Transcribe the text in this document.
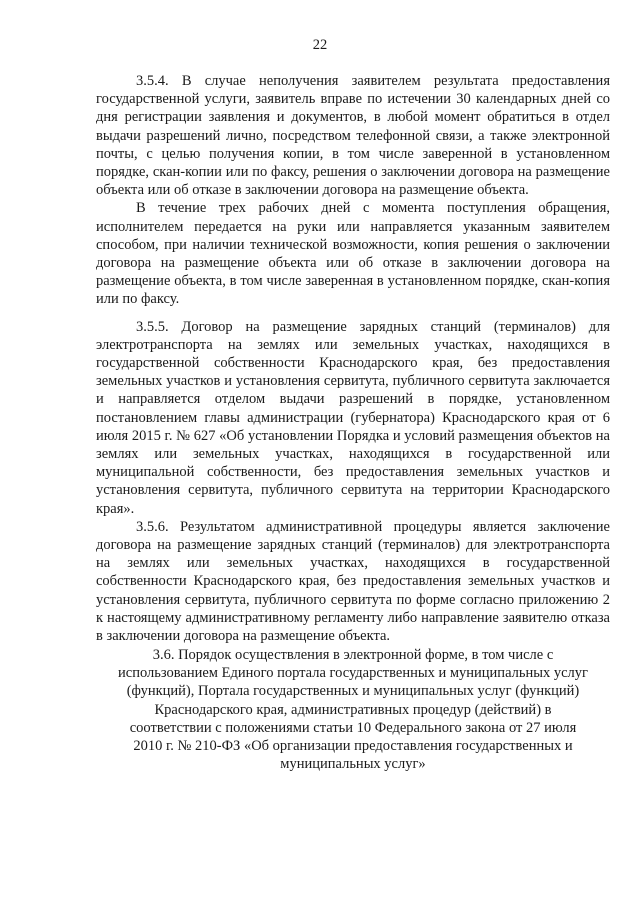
22

3.5.4. В случае неполучения заявителем результата предоставления государственной услуги, заявитель вправе по истечении 30 календарных дней со дня регистрации заявления и документов, в любой момент обратиться в отдел выдачи разрешений лично, посредством телефонной связи, а также электронной почты, с целью получения копии, в том числе заверенной в установленном порядке, скан-копии или по факсу, решения о заключении договора на размещение объекта или об отказе в заключении договора на размещение объекта.

В течение трех рабочих дней с момента поступления обращения, исполнителем передается на руки или направляется указанным заявителем способом, при наличии технической возможности, копия решения о заключении договора на размещение объекта или об отказе в заключении договора на размещение объекта, в том числе заверенная в установленном порядке, скан-копия или по факсу.

3.5.5. Договор на размещение зарядных станций (терминалов) для электротранспорта на землях или земельных участках, находящихся в государственной собственности Краснодарского края, без предоставления земельных участков и установления сервитута, публичного сервитута заключается и направляется отделом выдачи разрешений в порядке, установленном постановлением главы администрации (губернатора) Краснодарского края от 6 июля 2015 г. № 627 «Об установлении Порядка и условий размещения объектов на землях или земельных участках, находящихся в государственной или муниципальной собственности, без предоставления земельных участков и установления сервитута, публичного сервитута на территории Краснодарского края».

3.5.6. Результатом административной процедуры является заключение договора на размещение зарядных станций (терминалов) для электротранспорта на землях или земельных участках, находящихся в государственной собственности Краснодарского края, без предоставления земельных участков и установления сервитута, публичного сервитута по форме согласно приложению 2 к настоящему административному регламенту либо направление заявителю отказа в заключении договора на размещение объекта.

3.6. Порядок осуществления в электронной форме, в том числе с использованием Единого портала государственных и муниципальных услуг (функций), Портала государственных и муниципальных услуг (функций) Краснодарского края, административных процедур (действий) в соответствии с положениями статьи 10 Федерального закона от 27 июля 2010 г. № 210-ФЗ «Об организации предоставления государственных и муниципальных услуг»
